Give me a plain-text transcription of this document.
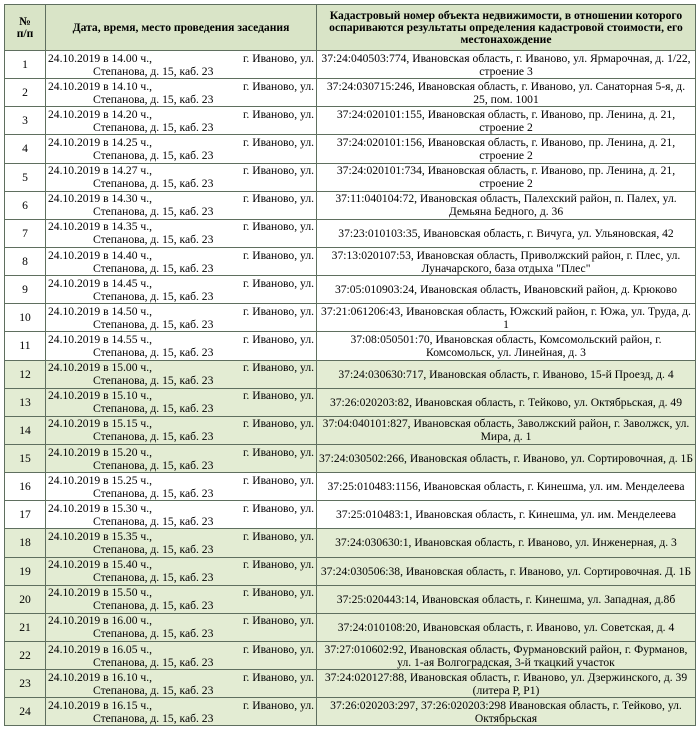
№
п/п	Дата, время, место проведения заседания	Кадастровый номер объекта недвижимости, в отношении которого оспариваются результаты определения кадастровой стоимости, его местонахождение
1	24.10.2019 в 14.00 ч., г. Иваново, ул.
Степанова, д. 15, каб. 23	37:24:040503:774, Ивановская область, г. Иваново, ул. Ярмарочная, д. 1/22, строение 3
2	24.10.2019 в 14.10 ч., г. Иваново, ул.
Степанова, д. 15, каб. 23	37:24:030715:246, Ивановская область, г. Иваново, ул. Санаторная 5-я, д. 25, пом. 1001
3	24.10.2019 в 14.20 ч., г. Иваново, ул.
Степанова, д. 15, каб. 23	37:24:020101:155, Ивановская область, г. Иваново, пр. Ленина, д. 21, строение 2
4	24.10.2019 в 14.25 ч., г. Иваново, ул.
Степанова, д. 15, каб. 23	37:24:020101:156, Ивановская область, г. Иваново, пр. Ленина, д. 21, строение 2
5	24.10.2019 в 14.27 ч., г. Иваново, ул.
Степанова, д. 15, каб. 23	37:24:020101:734, Ивановская область, г. Иваново, пр. Ленина, д. 21, строение 2
6	24.10.2019 в 14.30 ч., г. Иваново, ул.
Степанова, д. 15, каб. 23	37:11:040104:72, Ивановская область, Палехский район, п. Палех, ул. Демьяна Бедного, д. 36
7	24.10.2019 в 14.35 ч., г. Иваново, ул.
Степанова, д. 15, каб. 23	37:23:010103:35, Ивановская область, г. Вичуга, ул. Ульяновская, 42
8	24.10.2019 в 14.40 ч., г. Иваново, ул.
Степанова, д. 15, каб. 23	37:13:020107:53, Ивановская область, Приволжский район, г. Плес, ул. Луначарского, база отдыха "Плес"
9	24.10.2019 в 14.45 ч., г. Иваново, ул.
Степанова, д. 15, каб. 23	37:05:010903:24, Ивановская область, Ивановский район, д. Крюково
10	24.10.2019 в 14.50 ч., г. Иваново, ул.
Степанова, д. 15, каб. 23	37:21:061206:43, Ивановская область, Южский район, г. Южа, ул. Труда, д. 1
11	24.10.2019 в 14.55 ч., г. Иваново, ул.
Степанова, д. 15, каб. 23	37:08:050501:70, Ивановская область, Комсомольский район, г. Комсомольск, ул. Линейная, д. 3
12	24.10.2019 в 15.00 ч., г. Иваново, ул.
Степанова, д. 15, каб. 23	37:24:030630:717, Ивановская область, г. Иваново, 15-й Проезд, д. 4
13	24.10.2019 в 15.10 ч., г. Иваново, ул.
Степанова, д. 15, каб. 23	37:26:020203:82, Ивановская область, г. Тейково, ул. Октябрьская, д. 49
14	24.10.2019 в 15.15 ч., г. Иваново, ул.
Степанова, д. 15, каб. 23	37:04:040101:827, Ивановская область, Заволжский район, г. Заволжск, ул. Мира, д. 1
15	24.10.2019 в 15.20 ч., г. Иваново, ул.
Степанова, д. 15, каб. 23	37:24:030502:266, Ивановская область, г. Иваново, ул. Сортировочная, д. 1Б
16	24.10.2019 в 15.25 ч., г. Иваново, ул.
Степанова, д. 15, каб. 23	37:25:010483:1156, Ивановская область, г. Кинешма, ул. им. Менделеева
17	24.10.2019 в 15.30 ч., г. Иваново, ул.
Степанова, д. 15, каб. 23	37:25:010483:1, Ивановская область, г. Кинешма, ул. им. Менделеева
18	24.10.2019 в 15.35 ч., г. Иваново, ул.
Степанова, д. 15, каб. 23	37:24:030630:1, Ивановская область, г. Иваново, ул. Инженерная, д. 3
19	24.10.2019 в 15.40 ч., г. Иваново, ул.
Степанова, д. 15, каб. 23	37:24:030506:38, Ивановская область, г. Иваново, ул. Сортировочная. Д. 1Б
20	24.10.2019 в 15.50 ч., г. Иваново, ул.
Степанова, д. 15, каб. 23	37:25:020443:14, Ивановская область, г. Кинешма, ул. Западная, д.8б
21	24.10.2019 в 16.00 ч., г. Иваново, ул.
Степанова, д. 15, каб. 23	37:24:010108:20, Ивановская область, г. Иваново, ул. Советская, д. 4
22	24.10.2019 в 16.05 ч., г. Иваново, ул.
Степанова, д. 15, каб. 23	37:27:010602:92, Ивановская область, Фурмановский район, г. Фурманов, ул. 1-ая Волгоградская, 3-й ткацкий участок
23	24.10.2019 в 16.10 ч., г. Иваново, ул.
Степанова, д. 15, каб. 23	37:24:020127:88, Ивановская область, г. Иваново, ул. Дзержинского, д. 39 (литера Р, Р1)
24	24.10.2019 в 16.15 ч., г. Иваново, ул.
Степанова, д. 15, каб. 23	37:26:020203:297, 37:26:020203:298 Ивановская область, г. Тейково, ул. Октябрьская
